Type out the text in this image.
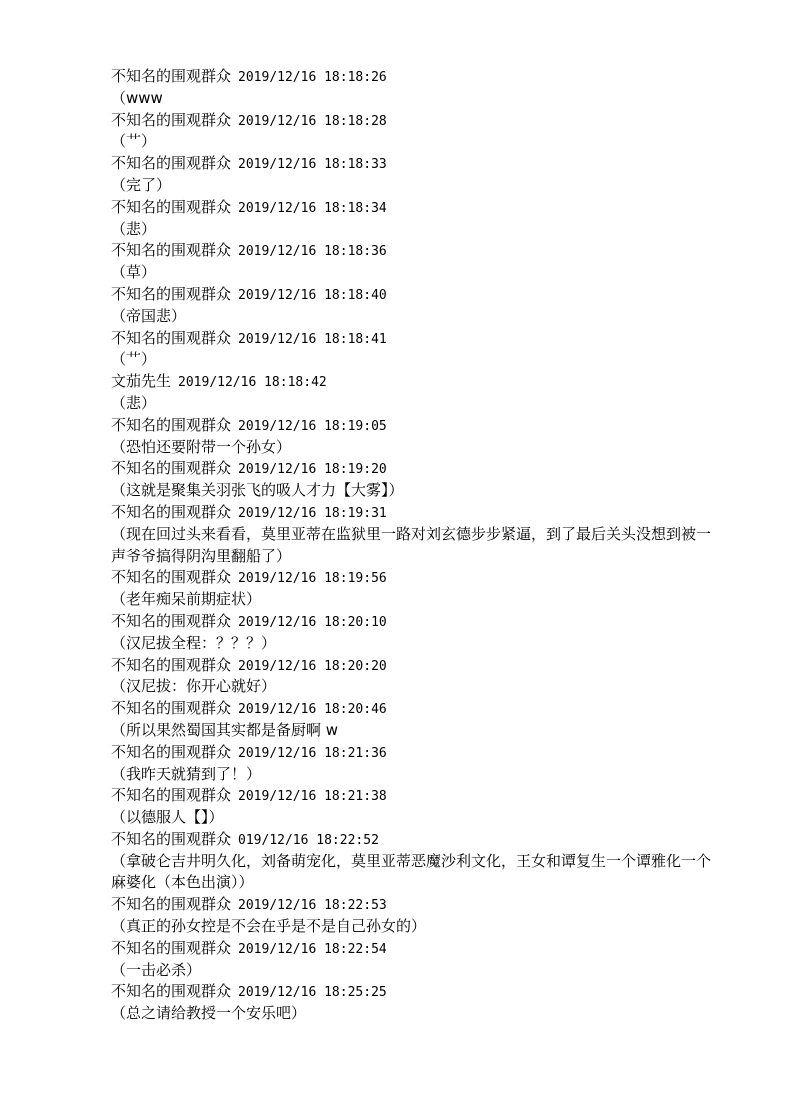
不知名的围观群众 2019/12/16 18:18:26
（www
不知名的围观群众 2019/12/16 18:18:28
（艹）
不知名的围观群众 2019/12/16 18:18:33
（完了）
不知名的围观群众 2019/12/16 18:18:34
（悲）
不知名的围观群众 2019/12/16 18:18:36
（草）
不知名的围观群众 2019/12/16 18:18:40
（帝国悲）
不知名的围观群众 2019/12/16 18:18:41
（艹）
文茄先生 2019/12/16 18:18:42
（悲）
不知名的围观群众 2019/12/16 18:19:05
（恐怕还要附带一个孙女）
不知名的围观群众 2019/12/16 18:19:20
（这就是聚集关羽张飞的吸人才力【大雾】）
不知名的围观群众 2019/12/16 18:19:31
（现在回过头来看看，莫里亚蒂在监狱里一路对刘玄德步步紧逼，到了最后关头没想到被一声爷爷搞得阴沟里翻船了）
不知名的围观群众 2019/12/16 18:19:56
（老年痴呆前期症状）
不知名的围观群众 2019/12/16 18:20:10
（汉尼拔全程：？？？）
不知名的围观群众 2019/12/16 18:20:20
（汉尼拔：你开心就好）
不知名的围观群众 2019/12/16 18:20:46
（所以果然蜀国其实都是备厨啊 w
不知名的围观群众 2019/12/16 18:21:36
（我昨天就猜到了！）
不知名的围观群众 2019/12/16 18:21:38
（以德服人【】）
不知名的围观群众 019/12/16 18:22:52
（拿破仑吉井明久化，刘备萌宠化，莫里亚蒂恶魔沙利文化，王女和谭复生一个谭雅化一个麻婆化（本色出演））
不知名的围观群众 2019/12/16 18:22:53
（真正的孙女控是不会在乎是不是自己孙女的）
不知名的围观群众 2019/12/16 18:22:54
（一击必杀）
不知名的围观群众 2019/12/16 18:25:25
（总之请给教授一个安乐吧）
